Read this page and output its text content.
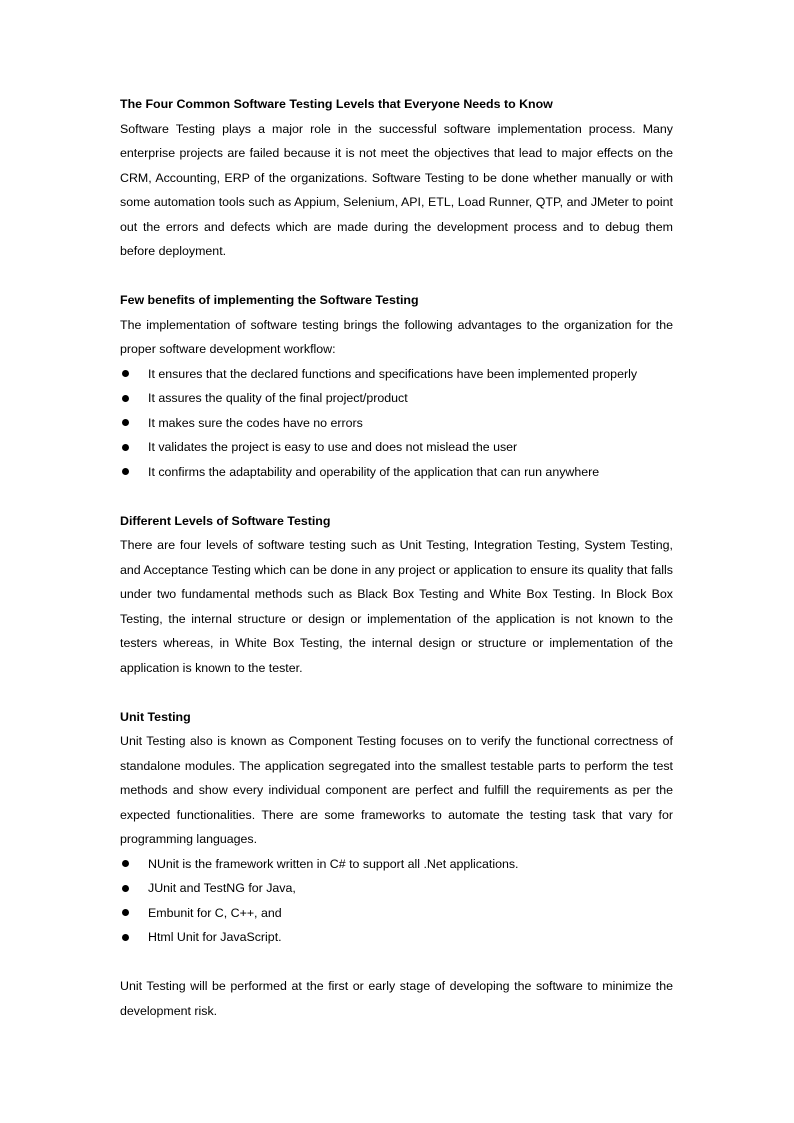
The Four Common Software Testing Levels that Everyone Needs to Know

Software Testing plays a major role in the successful software implementation process. Many enterprise projects are failed because it is not meet the objectives that lead to major effects on the CRM, Accounting, ERP of the organizations. Software Testing to be done whether manually or with some automation tools such as Appium, Selenium, API, ETL, Load Runner, QTP, and JMeter to point out the errors and defects which are made during the development process and to debug them before deployment.

Few benefits of implementing the Software Testing

The implementation of software testing brings the following advantages to the organization for the proper software development workflow:

It ensures that the declared functions and specifications have been implemented properly
It assures the quality of the final project/product
It makes sure the codes have no errors
It validates the project is easy to use and does not mislead the user
It confirms the adaptability and operability of the application that can run anywhere

Different Levels of Software Testing

There are four levels of software testing such as Unit Testing, Integration Testing, System Testing, and Acceptance Testing which can be done in any project or application to ensure its quality that falls under two fundamental methods such as Black Box Testing and White Box Testing. In Block Box Testing, the internal structure or design or implementation of the application is not known to the testers whereas, in White Box Testing, the internal design or structure or implementation of the application is known to the tester.

Unit Testing

Unit Testing also is known as Component Testing focuses on to verify the functional correctness of standalone modules. The application segregated into the smallest testable parts to perform the test methods and show every individual component are perfect and fulfill the requirements as per the expected functionalities. There are some frameworks to automate the testing task that vary for programming languages.

NUnit is the framework written in C# to support all .Net applications.
JUnit and TestNG for Java,
Embunit for C, C++, and
Html Unit for JavaScript.

Unit Testing will be performed at the first or early stage of developing the software to minimize the development risk.
